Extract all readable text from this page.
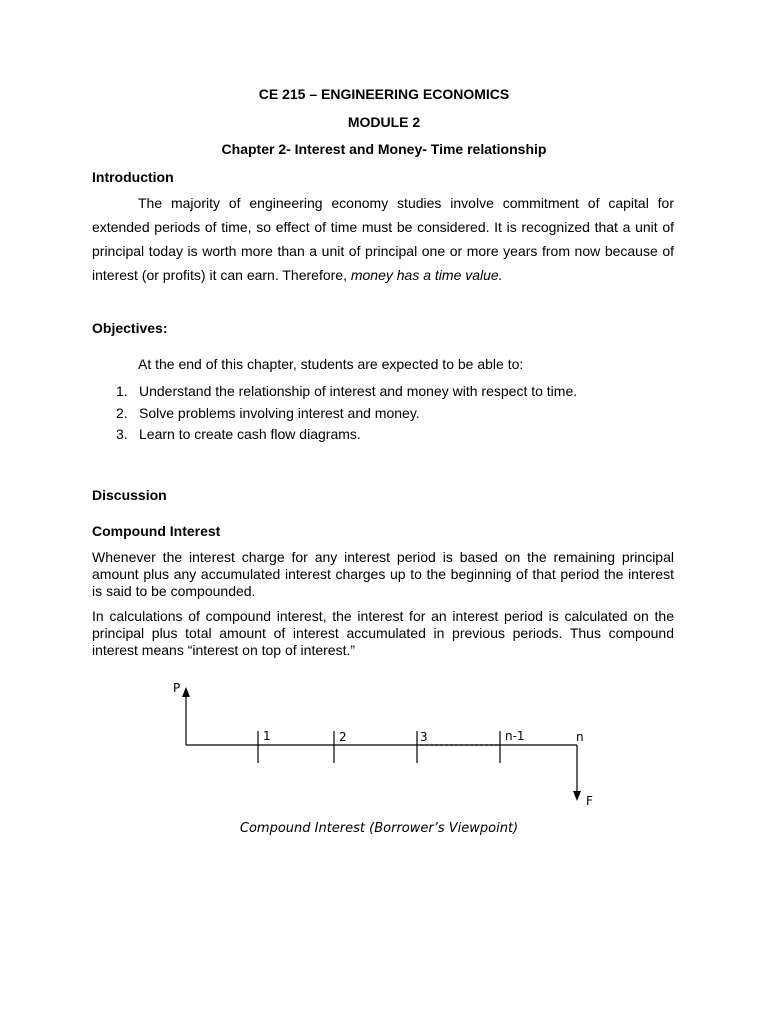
CE 215 – ENGINEERING ECONOMICS
MODULE 2
Chapter 2- Interest and Money- Time relationship
Introduction
The majority of engineering economy studies involve commitment of capital for extended periods of time, so effect of time must be considered. It is recognized that a unit of principal today is worth more than a unit of principal one or more years from now because of interest (or profits) it can earn. Therefore, money has a time value.
Objectives:
At the end of this chapter, students are expected to be able to:
1. Understand the relationship of interest and money with respect to time.
2. Solve problems involving interest and money.
3. Learn to create cash flow diagrams.
Discussion
Compound Interest
Whenever the interest charge for any interest period is based on the remaining principal amount plus any accumulated interest charges up to the beginning of that period the interest is said to be compounded.
In calculations of compound interest, the interest for an interest period is calculated on the principal plus total amount of interest accumulated in previous periods. Thus compound interest means “interest on top of interest.”
P
1	2	3	n-1	n
F
Compound Interest (Borrower’s Viewpoint)
